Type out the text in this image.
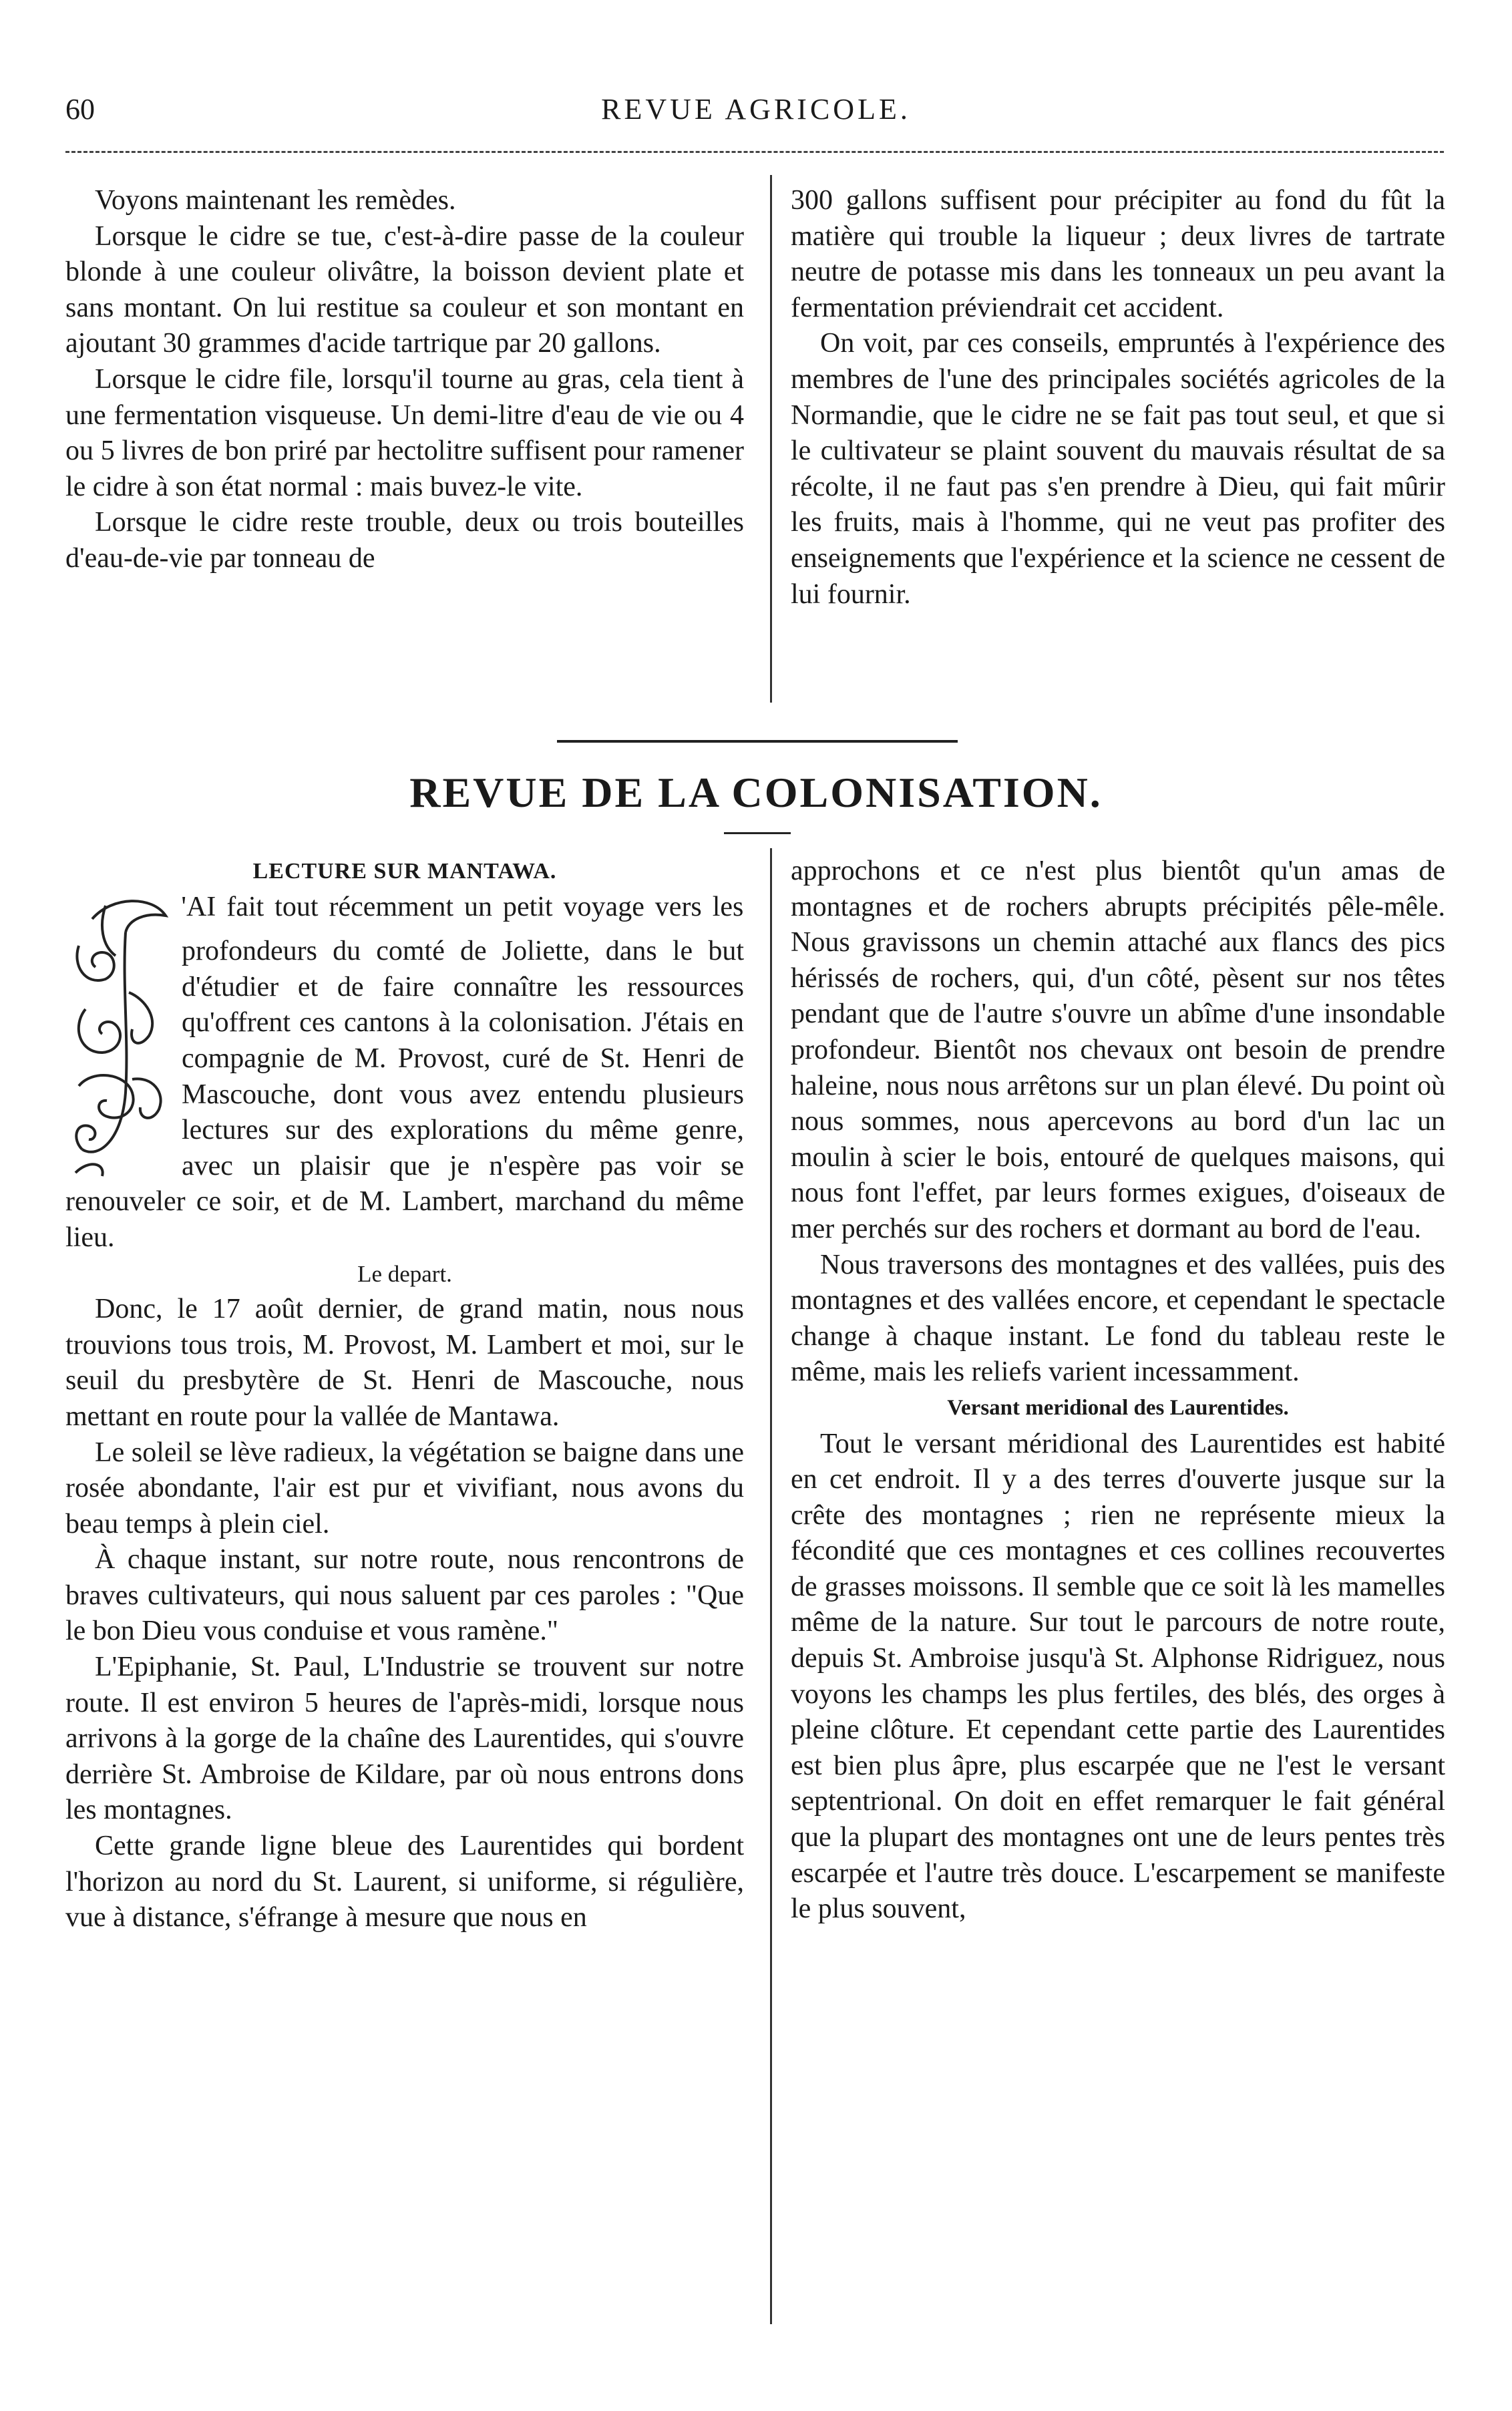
60	REVUE AGRICOLE.

Voyons maintenant les remèdes.

Lorsque le cidre se tue, c'est-à-dire passe de la couleur blonde à une couleur olivâtre, la boisson devient plate et sans montant. On lui restitue sa couleur et son montant en ajoutant 30 grammes d'acide tartrique par 20 gallons.

Lorsque le cidre file, lorsqu'il tourne au gras, cela tient à une fermentation visqueuse. Un demi-litre d'eau de vie ou 4 ou 5 livres de bon priré par hectolitre suffisent pour ramener le cidre à son état normal : mais buvez-le vite.

Lorsque le cidre reste trouble, deux ou trois bouteilles d'eau-de-vie par tonneau de

300 gallons suffisent pour précipiter au fond du fût la matière qui trouble la liqueur ; deux livres de tartrate neutre de potasse mis dans les tonneaux un peu avant la fermentation préviendrait cet accident.

On voit, par ces conseils, empruntés à l'expérience des membres de l'une des principales sociétés agricoles de la Normandie, que le cidre ne se fait pas tout seul, et que si le cultivateur se plaint souvent du mauvais résultat de sa récolte, il ne faut pas s'en prendre à Dieu, qui fait mûrir les fruits, mais à l'homme, qui ne veut pas profiter des enseignements que l'expérience et la science ne cessent de lui fournir.

REVUE DE LA COLONISATION.

LECTURE SUR MANTAWA.

'AI fait tout récemment un petit voyage vers les profondeurs du comté de Joliette, dans le but d'étudier et de faire connaître les ressources qu'offrent ces cantons à la colonisation. J'étais en compagnie de M. Provost, curé de St. Henri de Mascouche, dont vous avez entendu plusieurs lectures sur des explorations du même genre, avec un plaisir que je n'espère pas voir se renouveler ce soir, et de M. Lambert, marchand du même lieu.

Le depart.

Donc, le 17 août dernier, de grand matin, nous nous trouvions tous trois, M. Provost, M. Lambert et moi, sur le seuil du presbytère de St. Henri de Mascouche, nous mettant en route pour la vallée de Mantawa.

Le soleil se lève radieux, la végétation se baigne dans une rosée abondante, l'air est pur et vivifiant, nous avons du beau temps à plein ciel.

À chaque instant, sur notre route, nous rencontrons de braves cultivateurs, qui nous saluent par ces paroles : "Que le bon Dieu vous conduise et vous ramène."

L'Epiphanie, St. Paul, L'Industrie se trouvent sur notre route. Il est environ 5 heures de l'après-midi, lorsque nous arrivons à la gorge de la chaîne des Laurentides, qui s'ouvre derrière St. Ambroise de Kildare, par où nous entrons dons les montagnes.

Cette grande ligne bleue des Laurentides qui bordent l'horizon au nord du St. Laurent, si uniforme, si régulière, vue à distance, s'éfrange à mesure que nous en

approchons et ce n'est plus bientôt qu'un amas de montagnes et de rochers abrupts précipités pêle-mêle. Nous gravissons un chemin attaché aux flancs des pics hérissés de rochers, qui, d'un côté, pèsent sur nos têtes pendant que de l'autre s'ouvre un abîme d'une insondable profondeur. Bientôt nos chevaux ont besoin de prendre haleine, nous nous arrêtons sur un plan élevé. Du point où nous sommes, nous apercevons au bord d'un lac un moulin à scier le bois, entouré de quelques maisons, qui nous font l'effet, par leurs formes exigues, d'oiseaux de mer perchés sur des rochers et dormant au bord de l'eau.

Nous traversons des montagnes et des vallées, puis des montagnes et des vallées encore, et cependant le spectacle change à chaque instant. Le fond du tableau reste le même, mais les reliefs varient incessamment.

Versant meridional des Laurentides.

Tout le versant méridional des Laurentides est habité en cet endroit. Il y a des terres d'ouverte jusque sur la crête des montagnes ; rien ne représente mieux la fécondité que ces montagnes et ces collines recouvertes de grasses moissons. Il semble que ce soit là les mamelles même de la nature. Sur tout le parcours de notre route, depuis St. Ambroise jusqu'à St. Alphonse Ridriguez, nous voyons les champs les plus fertiles, des blés, des orges à pleine clôture. Et cependant cette partie des Laurentides est bien plus âpre, plus escarpée que ne l'est le versant septentrional. On doit en effet remarquer le fait général que la plupart des montagnes ont une de leurs pentes très escarpée et l'autre très douce. L'escarpement se manifeste le plus souvent,
